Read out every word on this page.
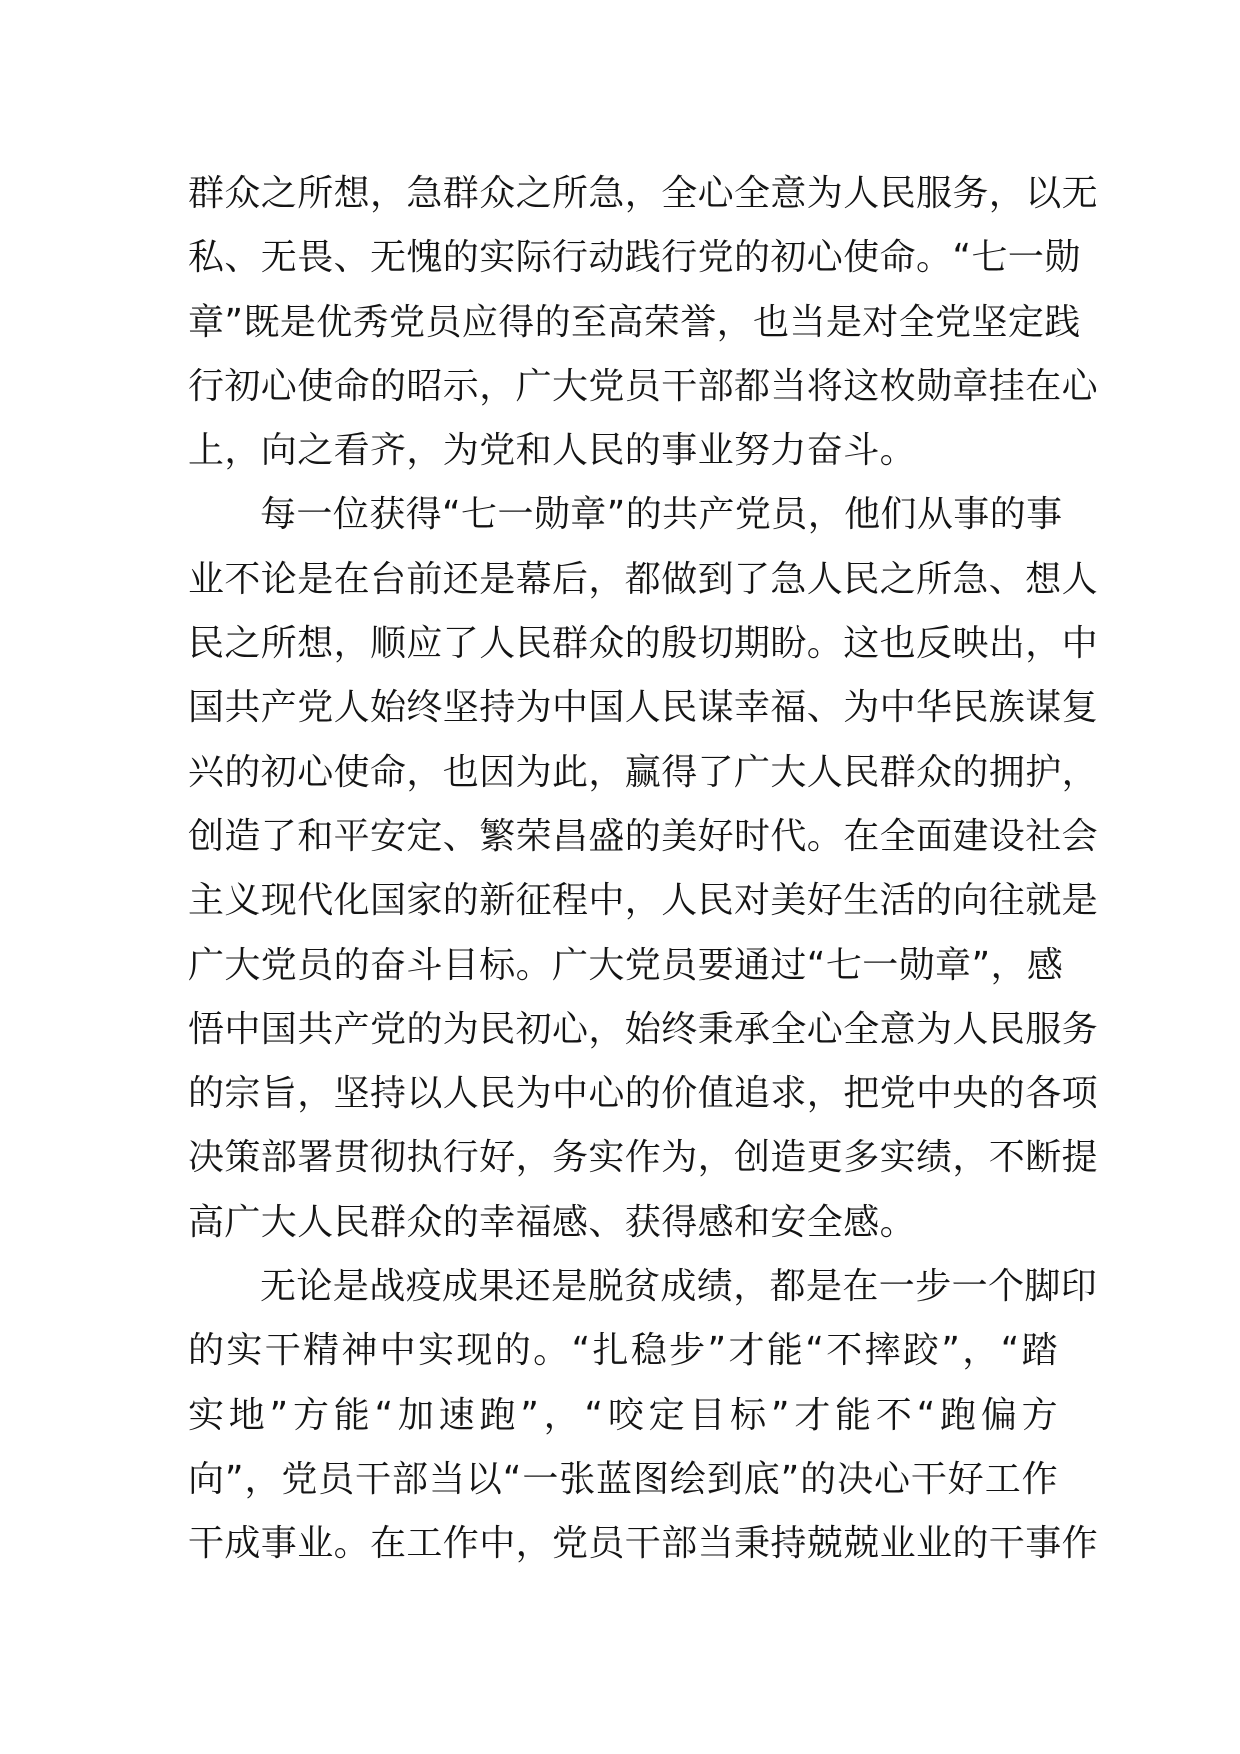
群众之所想，急群众之所急，全心全意为人民服务，以无
私、无畏、无愧的实际行动践行党的初心使命。“七一勋
章”既是优秀党员应得的至高荣誉，也当是对全党坚定践
行初心使命的昭示，广大党员干部都当将这枚勋章挂在心
上，向之看齐，为党和人民的事业努力奋斗。
每一位获得“七一勋章”的共产党员，他们从事的事
业不论是在台前还是幕后，都做到了急人民之所急、想人
民之所想，顺应了人民群众的殷切期盼。这也反映出，中
国共产党人始终坚持为中国人民谋幸福、为中华民族谋复
兴的初心使命，也因为此，赢得了广大人民群众的拥护，
创造了和平安定、繁荣昌盛的美好时代。在全面建设社会
主义现代化国家的新征程中，人民对美好生活的向往就是
广大党员的奋斗目标。广大党员要通过“七一勋章”，感
悟中国共产党的为民初心，始终秉承全心全意为人民服务
的宗旨，坚持以人民为中心的价值追求，把党中央的各项
决策部署贯彻执行好，务实作为，创造更多实绩，不断提
高广大人民群众的幸福感、获得感和安全感。
无论是战疫成果还是脱贫成绩，都是在一步一个脚印
的实干精神中实现的。“扎稳步”才能“不摔跤”，“踏
实地”方能“加速跑”，“咬定目标”才能不“跑偏方
向”，党员干部当以“一张蓝图绘到底”的决心干好工作
干成事业。在工作中，党员干部当秉持兢兢业业的干事作
